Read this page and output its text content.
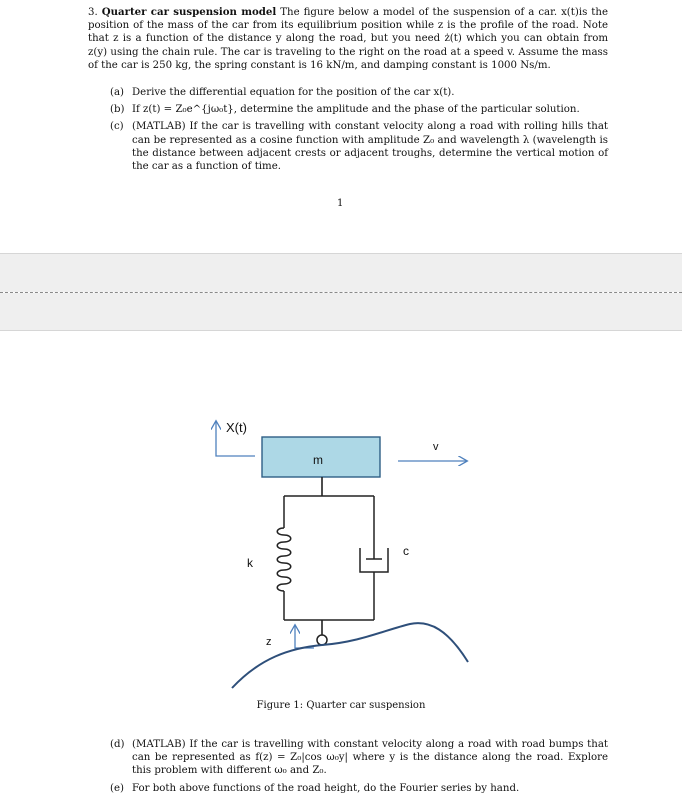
3. Quarter car suspension model The figure below a model of the suspension of a car. x(t)is the position of the mass of the car from its equilibrium position while z is the profile of the road. Note that z is a function of the distance y along the road, but you need ż(t) which you can obtain from z(y) using the chain rule. The car is traveling to the right on the road at a speed v. Assume the mass of the car is 250 kg, the spring constant is 16 kN/m, and damping constant is 1000 Ns/m.
(a) Derive the differential equation for the position of the car x(t).
(b) If z(t) = Z₀e^{jω₀t}, determine the amplitude and the phase of the particular solution.
(c) (MATLAB) If the car is travelling with constant velocity along a road with rolling hills that can be represented as a cosine function with amplitude Z₀ and wavelength λ (wavelength is the distance between adjacent crests or adjacent troughs, determine the vertical motion of the car as a function of time.
1
X(t)
m
v
k
c
z
Figure 1: Quarter car suspension
(d) (MATLAB) If the car is travelling with constant velocity along a road with road bumps that can be represented as f(z) = Z₀|cos ω₀y| where y is the distance along the road. Explore this problem with different ω₀ and Z₀.
(e) For both above functions of the road height, do the Fourier series by hand.
